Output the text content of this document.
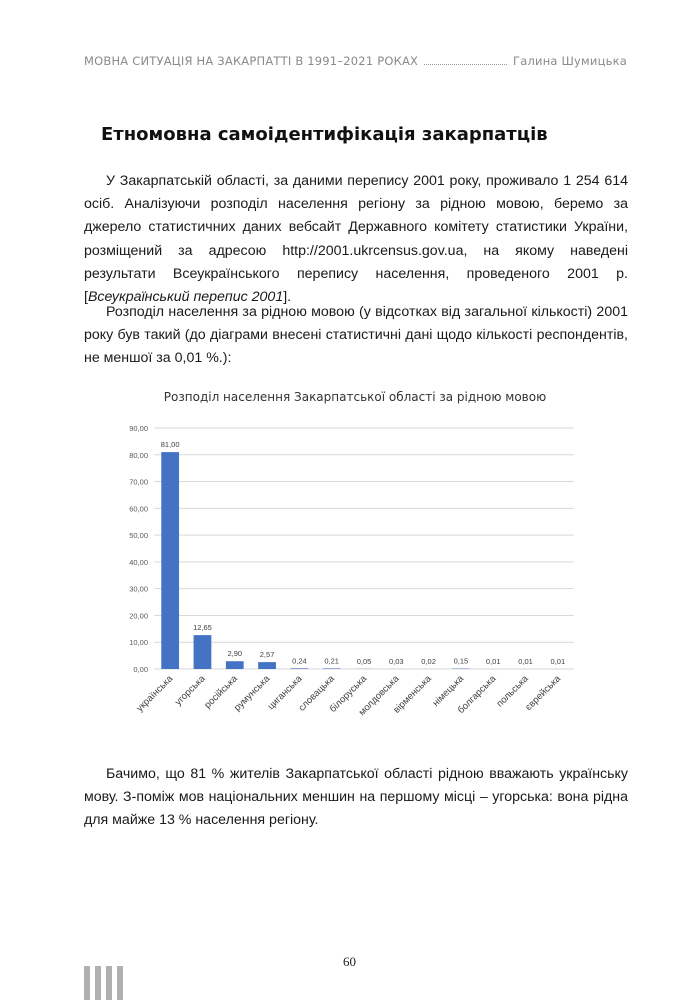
МОВНА СИТУАЦІЯ НА ЗАКАРПАТТІ В 1991–2021 РОКАХ	Галина Шумицька
Етномовна самоідентифікація закарпатців

У Закарпатській області, за даними перепису 2001 року, проживало 1 254 614 осіб. Аналізуючи розподіл населення регіону за рідною мовою, беремо за джерело статистичних даних вебсайт Державного комітету статистики України, розміщений за адресою http://2001.ukrcensus.gov.ua, на якому наведені результати Всеукраїнського перепису населення, проведеного 2001 р. [Всеукраїнський перепис 2001].

Розподіл населення за рідною мовою (у відсотках від загальної кількості) 2001 року був такий (до діаграми внесені статистичні дані щодо кількості респондентів, не меншої за 0,01 %.):

Розподіл населення Закарпатської області за рідною мовою
0,00
10,00
20,00
30,00
40,00
50,00
60,00
70,00
80,00
90,00
81,00
українська
12,65
угорська
2,90
російська
2,57
румунська
0,24
циганська
0,21
словацька
0,05
білоруська
0,03
молдовська
0,02
вірменська
0,15
німецька
0,01
болгарська
0,01
польська
0,01
єврейська

Бачимо, що 81 % жителів Закарпатської області рідною вважають українську мову. З-поміж мов національних меншин на першому місці – угорська: вона рідна для майже 13 % населення регіону.

60
